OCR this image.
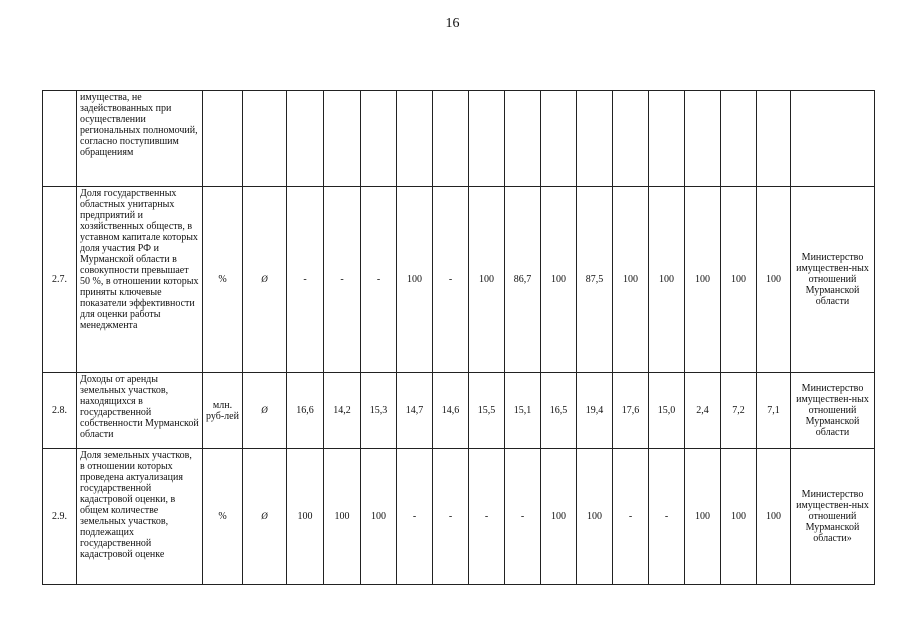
16
	имущества, не задействованных при осуществлении региональных полномочий, согласно поступившим обращениям																	
2.7.	Доля государственных областных унитарных предприятий и хозяйственных обществ, в уставном капитале которых доля участия РФ и Мурманской области в совокупности превышает 50 %, в отношении которых приняты ключевые показатели эффективности для оценки работы менеджмента	%	Ø	-	-	-	100	-	100	86,7	100	87,5	100	100	100	100	100	Министерство имуществен-ных отношений Мурманской области
2.8.	Доходы от аренды земельных участков, находящихся в государственной собственности Мурманской области	млн. руб-лей	Ø	16,6	14,2	15,3	14,7	14,6	15,5	15,1	16,5	19,4	17,6	15,0	2,4	7,2	7,1	Министерство имуществен-ных отношений Мурманской области
2.9.	Доля земельных участков, в отношении которых проведена актуализация государственной кадастровой оценки, в общем количестве земельных участков, подлежащих государственной кадастровой оценке	%	Ø	100	100	100	-	-	-	-	100	100	-	-	100	100	100	Министерство имуществен-ных отношений Мурманской области»
